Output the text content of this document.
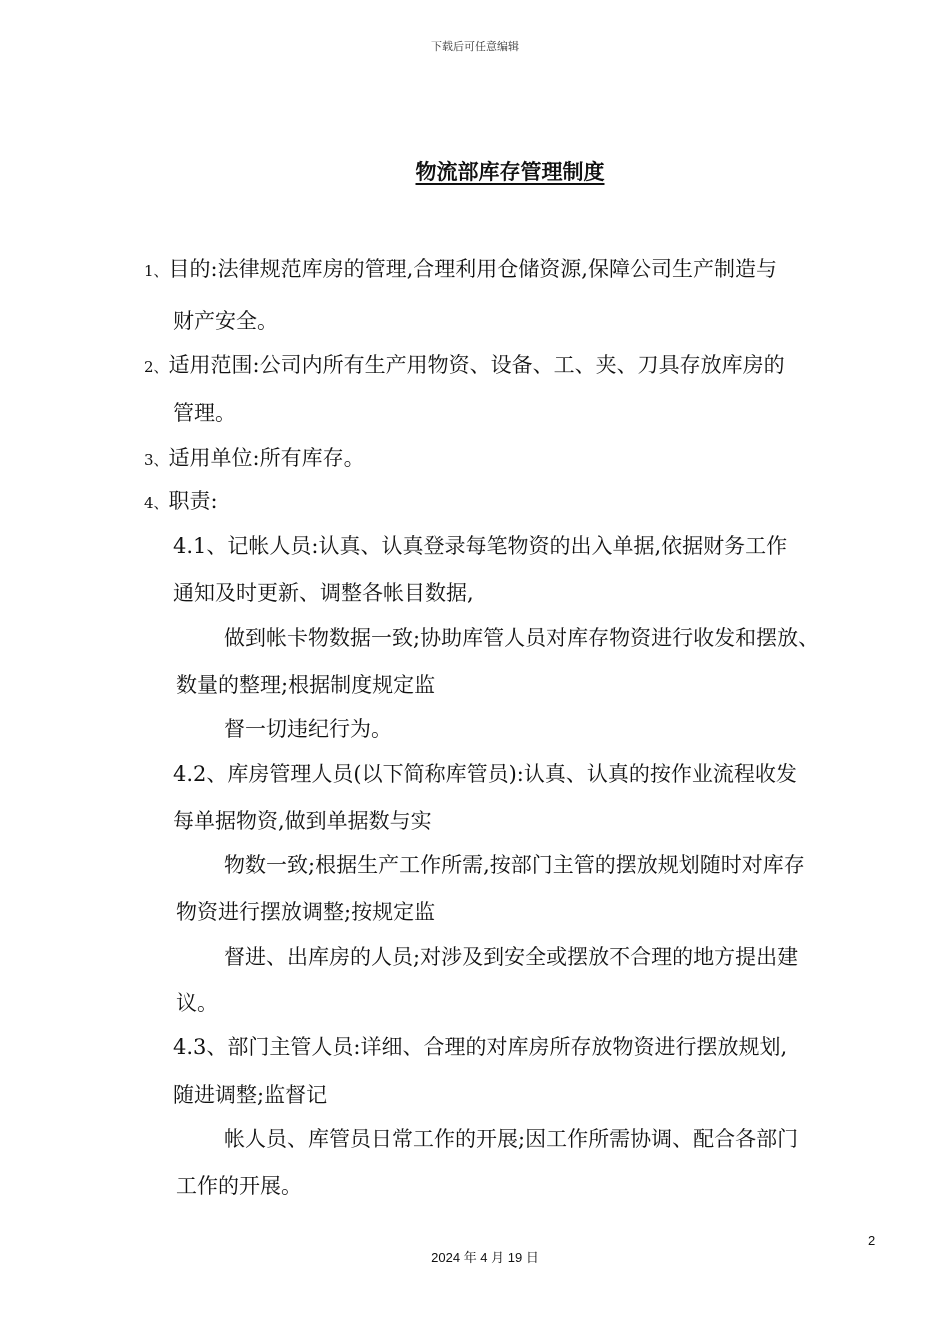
下载后可任意编辑
物流部库存管理制度
1、目的:法律规范库房的管理,合理利用仓储资源,保障公司生产制造与
财产安全。
2、适用范围:公司内所有生产用物资、设备、工、夹、刀具存放库房的
管理。
3、适用单位:所有库存。
4、职责:
4.1、记帐人员:认真、认真登录每笔物资的出入单据,依据财务工作
通知及时更新、调整各帐目数据,
做到帐卡物数据一致;协助库管人员对库存物资进行收发和摆放、
数量的整理;根据制度规定监
督一切违纪行为。
4.2、库房管理人员(以下简称库管员):认真、认真的按作业流程收发
每单据物资,做到单据数与实
物数一致;根据生产工作所需,按部门主管的摆放规划随时对库存
物资进行摆放调整;按规定监
督进、出库房的人员;对涉及到安全或摆放不合理的地方提出建
议。
4.3、部门主管人员:详细、合理的对库房所存放物资进行摆放规划,
随进调整;监督记
帐人员、库管员日常工作的开展;因工作所需协调、配合各部门
工作的开展。
2
2024 年 4 月 19 日
